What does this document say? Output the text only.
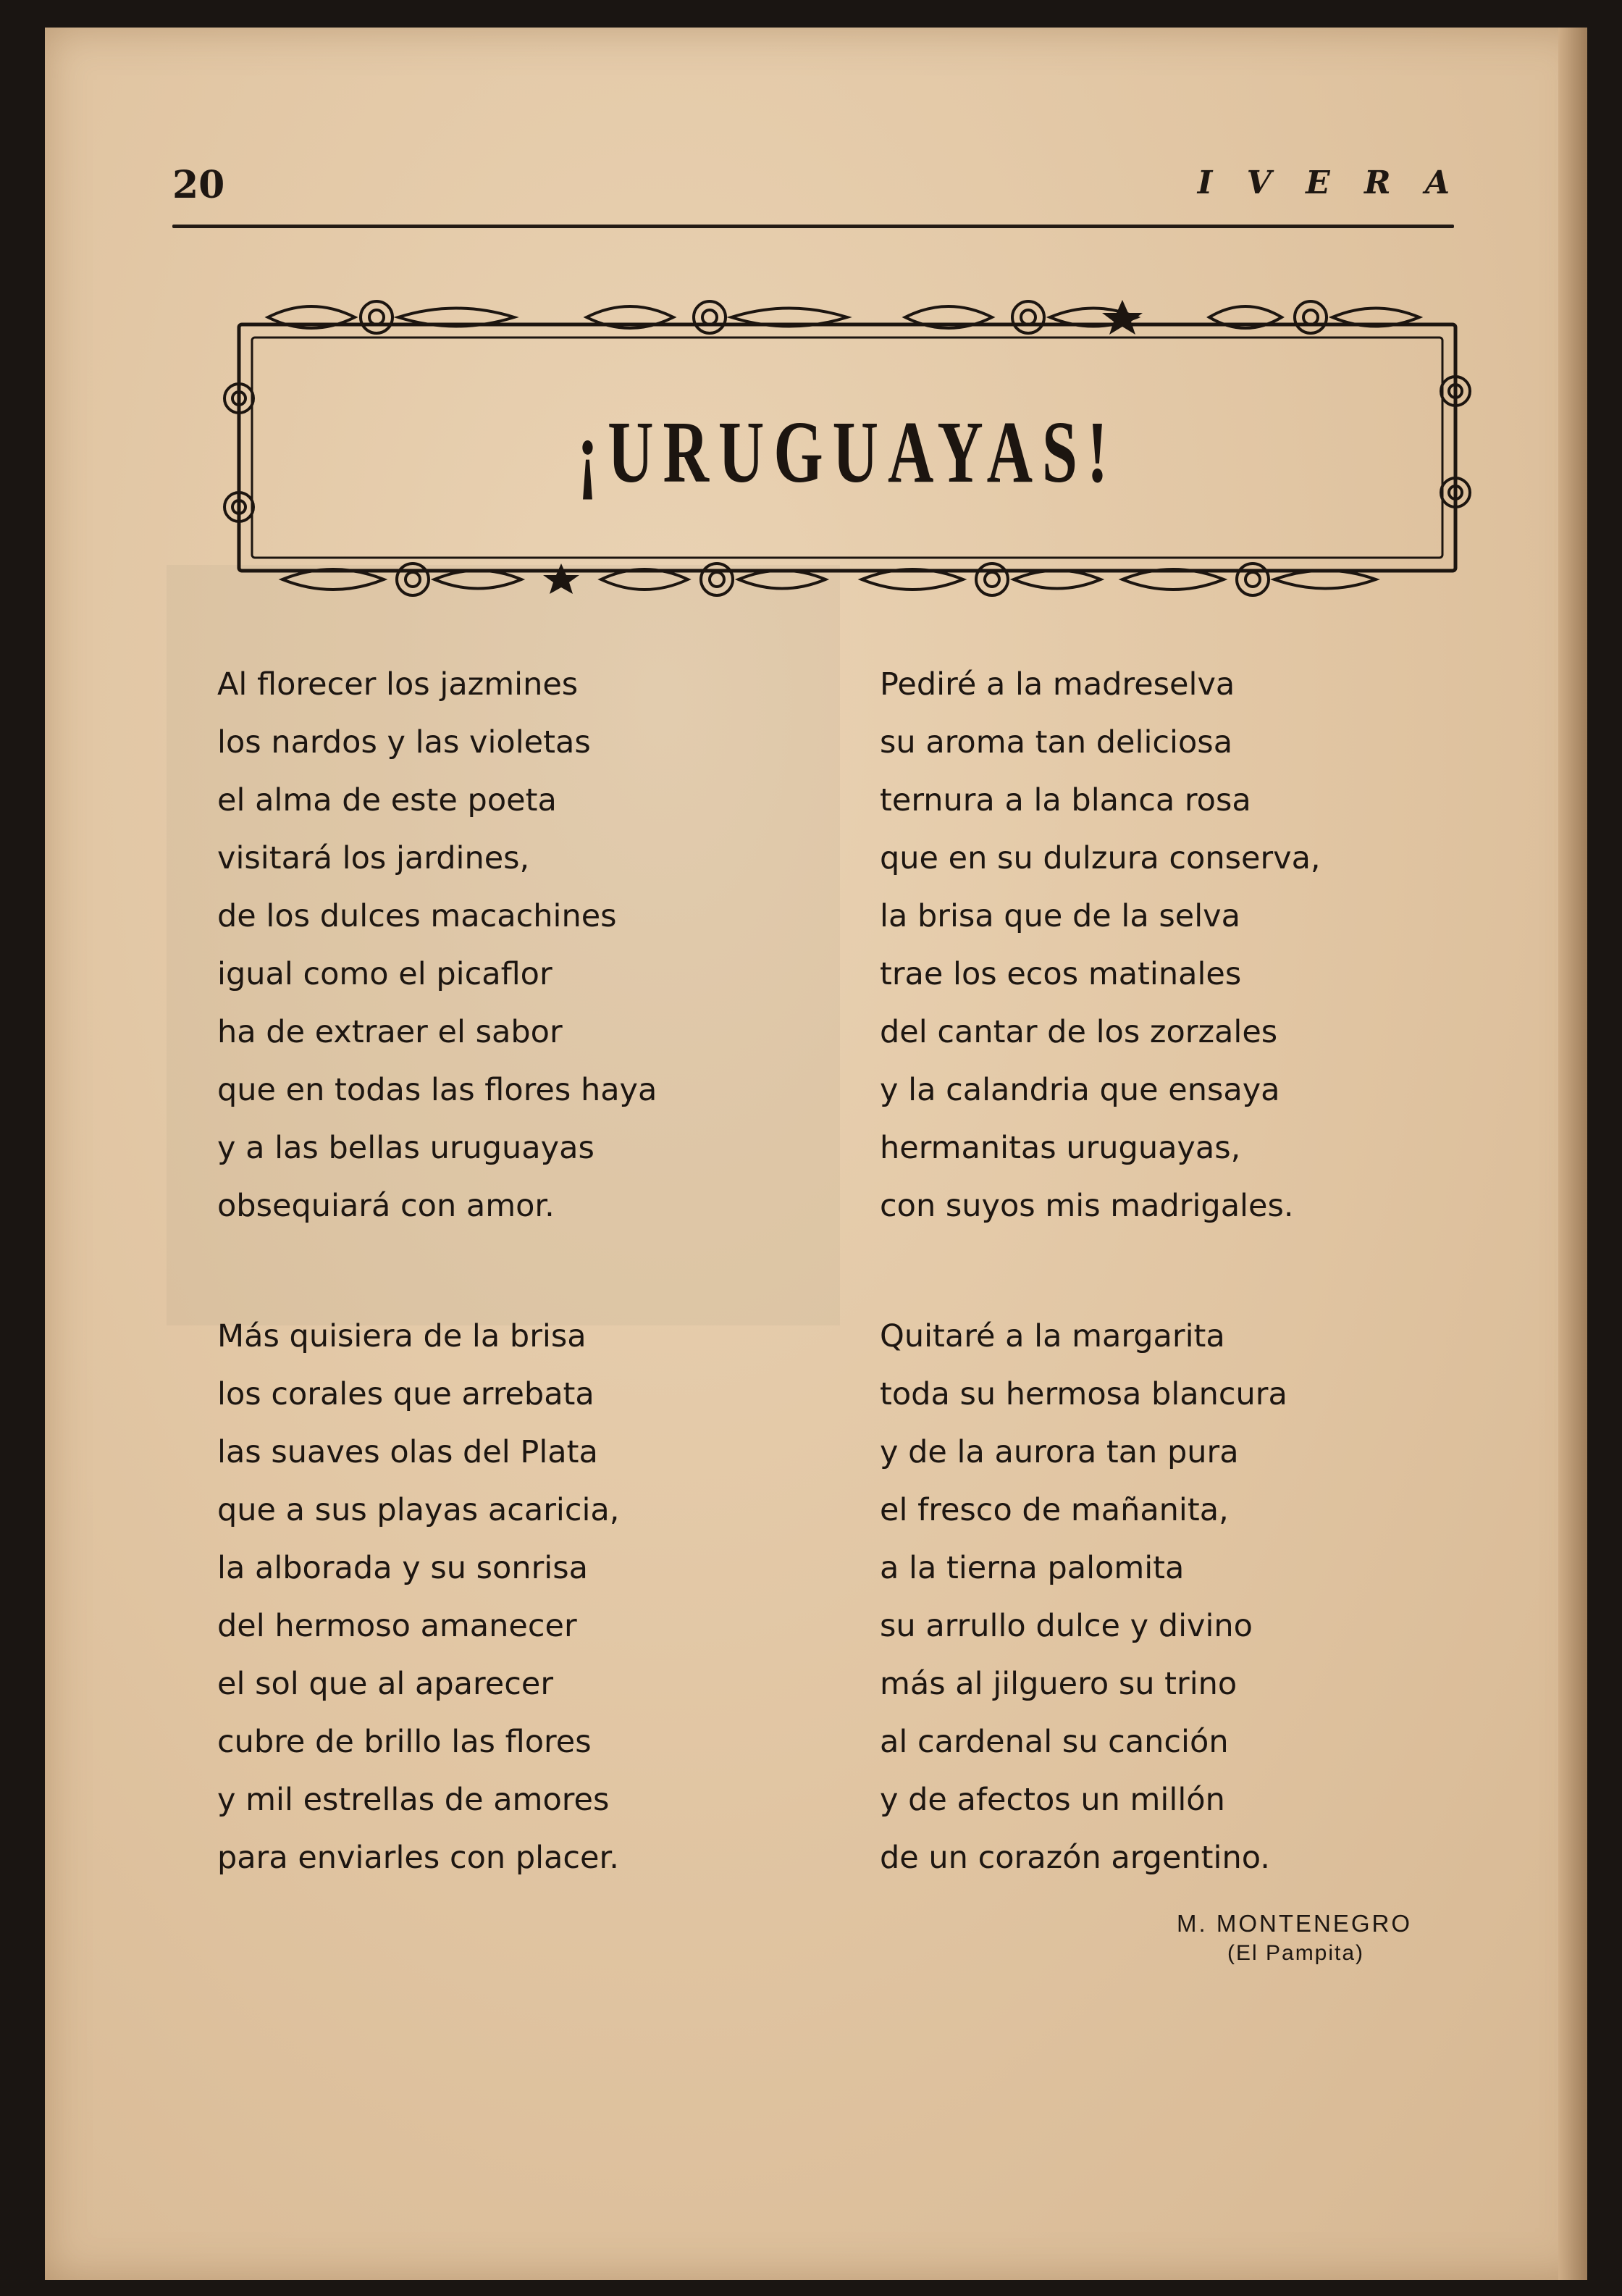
20	I V E R A
¡URUGUAYAS!
Al florecer los jazmines
los nardos y las violetas
el alma de este poeta
visitará los jardines,
de los dulces macachines
igual como el picaflor
ha de extraer el sabor
que en todas las flores haya
y a las bellas uruguayas
obsequiará con amor.
Más quisiera de la brisa
los corales que arrebata
las suaves olas del Plata
que a sus playas acaricia,
la alborada y su sonrisa
del hermoso amanecer
el sol que al aparecer
cubre de brillo las flores
y mil estrellas de amores
para enviarles con placer.
Pediré a la madreselva
su aroma tan deliciosa
ternura a la blanca rosa
que en su dulzura conserva,
la brisa que de la selva
trae los ecos matinales
del cantar de los zorzales
y la calandria que ensaya
hermanitas uruguayas,
con suyos mis madrigales.
Quitaré a la margarita
toda su hermosa blancura
y de la aurora tan pura
el fresco de mañanita,
a la tierna palomita
su arrullo dulce y divino
más al jilguero su trino
al cardenal su canción
y de afectos un millón
de un corazón argentino.
M. MONTENEGRO
(El Pampita)
